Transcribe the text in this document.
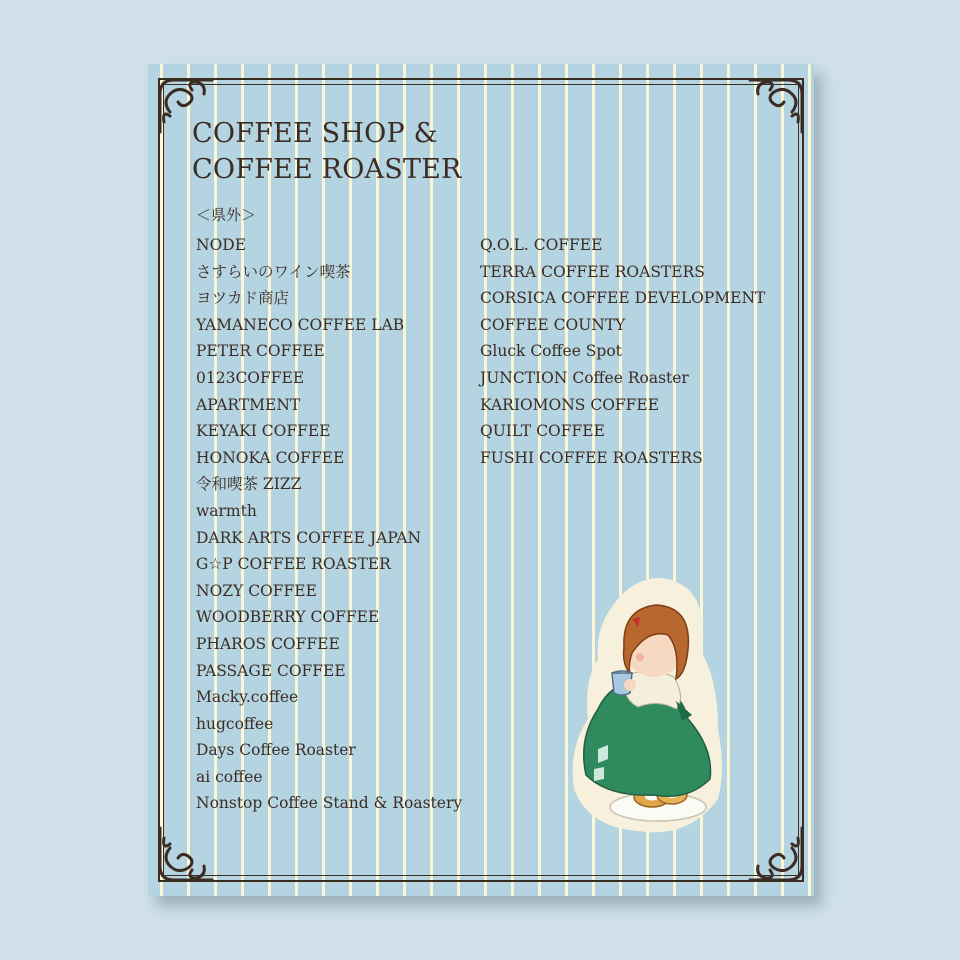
COFFEE SHOP &
COFFEE ROASTER
＜県外＞
NODE
さすらいのワイン喫茶
ヨツカド商店
YAMANECO COFFEE LAB
PETER COFFEE
0123COFFEE
APARTMENT
KEYAKI COFFEE
HONOKA COFFEE
令和喫茶 ZIZZ
warmth
DARK ARTS COFFEE JAPAN
G☆P COFFEE ROASTER
NOZY COFFEE
WOODBERRY COFFEE
PHAROS COFFEE
PASSAGE COFFEE
Macky.coffee
hugcoffee
Days Coffee Roaster
ai coffee
Nonstop Coffee Stand & Roastery
Q.O.L. COFFEE
TERRA COFFEE ROASTERS
CORSICA COFFEE DEVELOPMENT
COFFEE COUNTY
Gluck Coffee Spot
JUNCTION Coffee Roaster
KARIOMONS COFFEE
QUILT COFFEE
FUSHI COFFEE ROASTERS
